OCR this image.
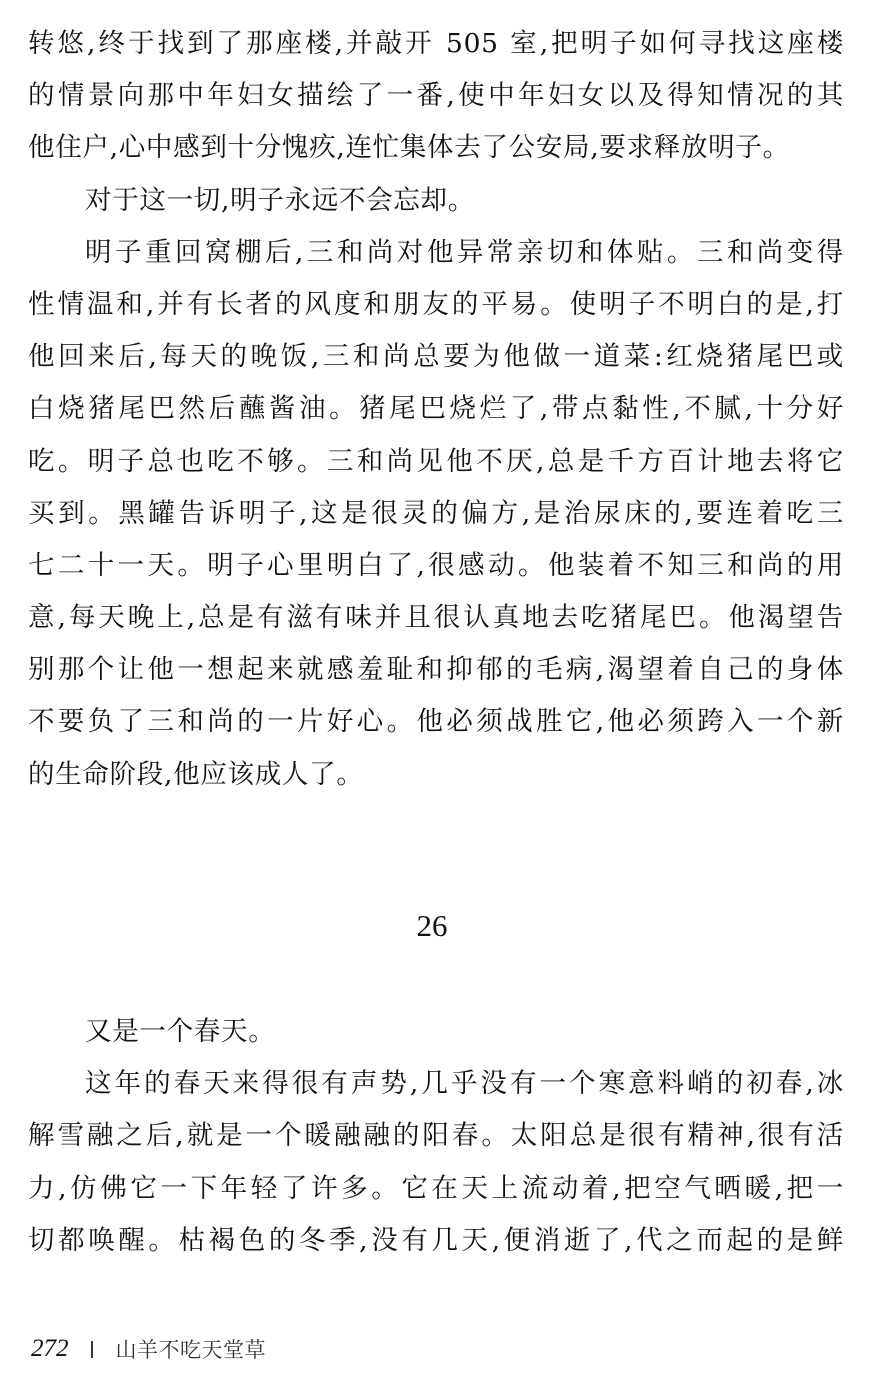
转悠,终于找到了那座楼,并敲开 505 室,把明子如何寻找这座楼
的情景向那中年妇女描绘了一番,使中年妇女以及得知情况的其
他住户,心中感到十分愧疚,连忙集体去了公安局,要求释放明子。
对于这一切,明子永远不会忘却。
明子重回窝棚后,三和尚对他异常亲切和体贴。三和尚变得
性情温和,并有长者的风度和朋友的平易。使明子不明白的是,打
他回来后,每天的晚饭,三和尚总要为他做一道菜:红烧猪尾巴或
白烧猪尾巴然后蘸酱油。猪尾巴烧烂了,带点黏性,不腻,十分好
吃。明子总也吃不够。三和尚见他不厌,总是千方百计地去将它
买到。黑罐告诉明子,这是很灵的偏方,是治尿床的,要连着吃三
七二十一天。明子心里明白了,很感动。他装着不知三和尚的用
意,每天晚上,总是有滋有味并且很认真地去吃猪尾巴。他渴望告
别那个让他一想起来就感羞耻和抑郁的毛病,渴望着自己的身体
不要负了三和尚的一片好心。他必须战胜它,他必须跨入一个新
的生命阶段,他应该成人了。
26
又是一个春天。
这年的春天来得很有声势,几乎没有一个寒意料峭的初春,冰
解雪融之后,就是一个暖融融的阳春。太阳总是很有精神,很有活
力,仿佛它一下年轻了许多。它在天上流动着,把空气晒暖,把一
切都唤醒。枯褐色的冬季,没有几天,便消逝了,代之而起的是鲜
272 山羊不吃天堂草
